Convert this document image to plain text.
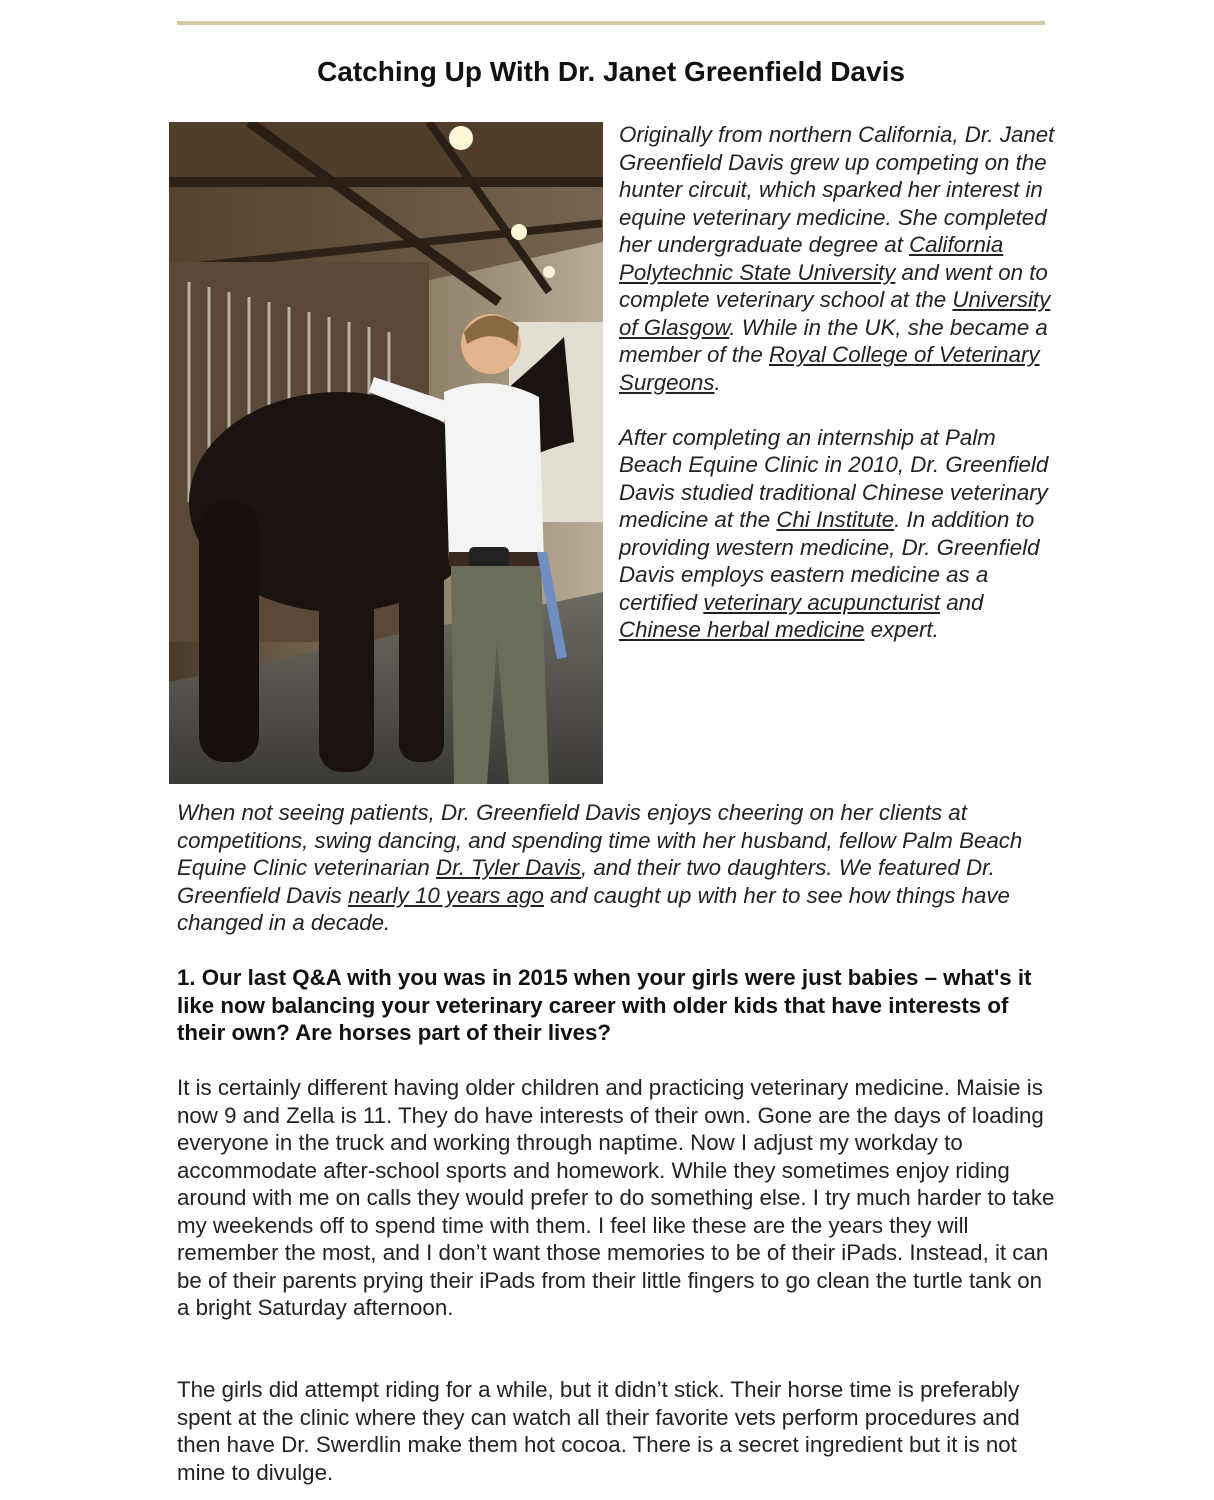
Catching Up With Dr. Janet Greenfield Davis

Originally from northern California, Dr. Janet Greenfield Davis grew up competing on the hunter circuit, which sparked her interest in equine veterinary medicine. She completed her undergraduate degree at California Polytechnic State University and went on to complete veterinary school at the University of Glasgow. While in the UK, she became a member of the Royal College of Veterinary Surgeons.

After completing an internship at Palm Beach Equine Clinic in 2010, Dr. Greenfield Davis studied traditional Chinese veterinary medicine at the Chi Institute. In addition to providing western medicine, Dr. Greenfield Davis employs eastern medicine as a certified veterinary acupuncturist and Chinese herbal medicine expert.

When not seeing patients, Dr. Greenfield Davis enjoys cheering on her clients at competitions, swing dancing, and spending time with her husband, fellow Palm Beach Equine Clinic veterinarian Dr. Tyler Davis, and their two daughters. We featured Dr. Greenfield Davis nearly 10 years ago and caught up with her to see how things have changed in a decade.

1. Our last Q&A with you was in 2015 when your girls were just babies – what's it like now balancing your veterinary career with older kids that have interests of their own? Are horses part of their lives?
It is certainly different having older children and practicing veterinary medicine. Maisie is now 9 and Zella is 11. They do have interests of their own. Gone are the days of loading everyone in the truck and working through naptime. Now I adjust my workday to accommodate after-school sports and homework. While they sometimes enjoy riding around with me on calls they would prefer to do something else. I try much harder to take my weekends off to spend time with them. I feel like these are the years they will remember the most, and I don’t want those memories to be of their iPads. Instead, it can be of their parents prying their iPads from their little fingers to go clean the turtle tank on a bright Saturday afternoon.
The girls did attempt riding for a while, but it didn’t stick. Their horse time is preferably spent at the clinic where they can watch all their favorite vets perform procedures and then have Dr. Swerdlin make them hot cocoa. There is a secret ingredient but it is not mine to divulge.
